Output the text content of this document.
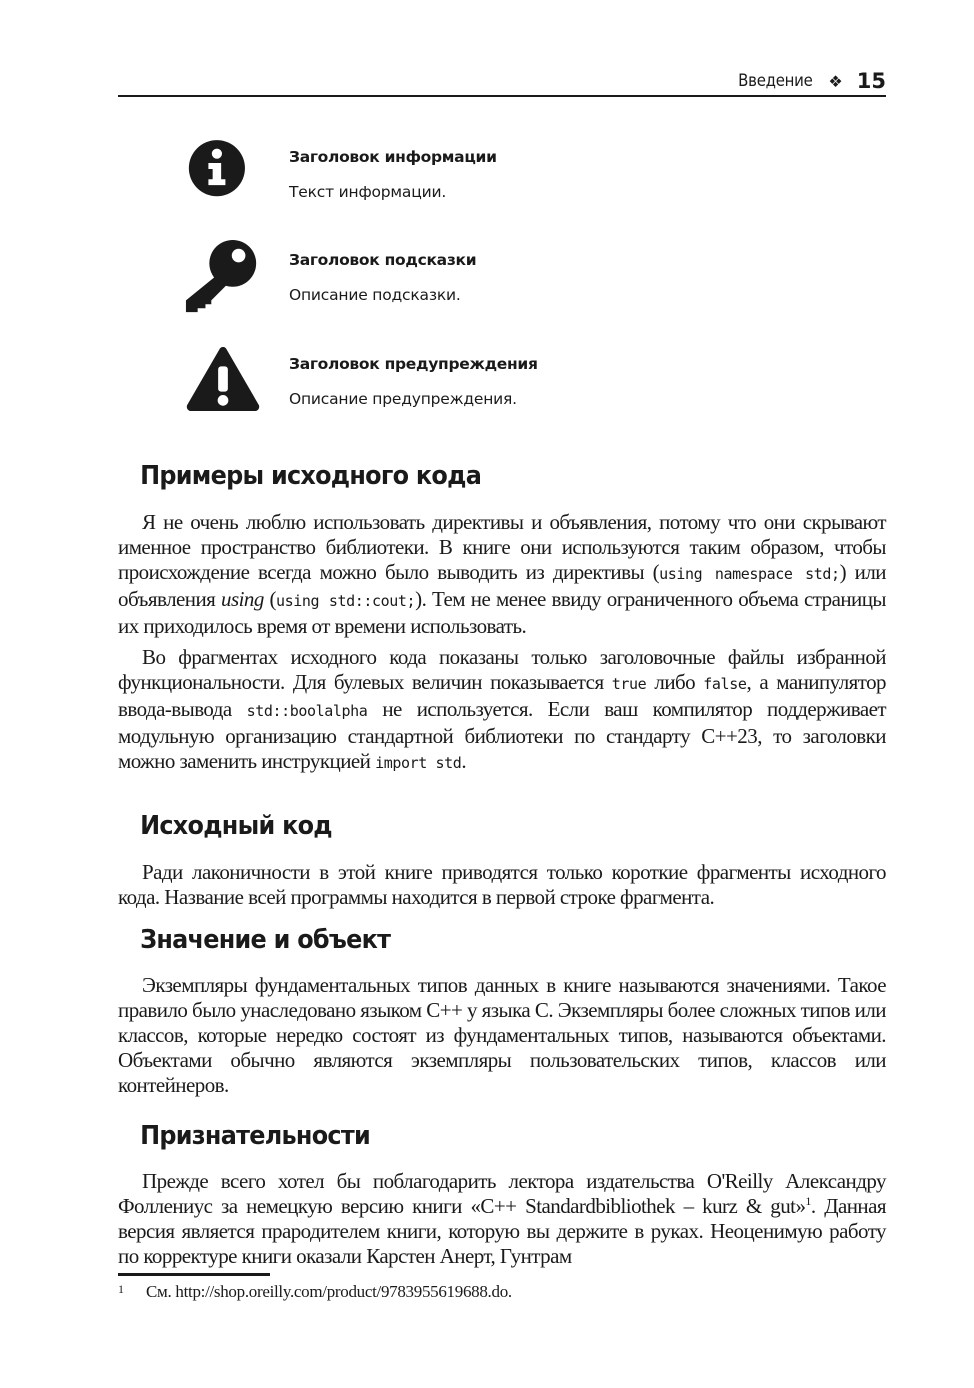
Введение ❖ 15
Заголовок информации
Текст информации.
Заголовок подсказки
Описание подсказки.
Заголовок предупреждения
Описание предупреждения.
Примеры исходного кода

Я не очень люблю использовать директивы и объявления, потому что они скрывают именное пространство библиотеки. В книге они используются таким образом, чтобы происхождение всегда можно было выводить из директивы (using namespace std;) или объявления using (using std::cout;). Тем не менее ввиду ограниченного объема страницы их приходилось время от времени использовать.

Во фрагментах исходного кода показаны только заголовочные файлы избранной функциональности. Для булевых величин показывается true либо false, а манипулятор ввода-вывода std::boolalpha не используется. Если ваш компилятор поддерживает модульную организацию стандартной библиотеки по стандарту C++23, то заголовки можно заменить инструкцией import std.

Исходный код

Ради лаконичности в этой книге приводятся только короткие фрагменты исходного кода. Название всей программы находится в первой строке фрагмента.

Значение и объект

Экземпляры фундаментальных типов данных в книге называются значениями. Такое правило было унаследовано языком C++ у языка C. Экземпляры более сложных типов или классов, которые нередко состоят из фундаментальных типов, называются объектами. Объектами обычно являются экземпляры пользовательских типов, классов или контейнеров.

Признательности

Прежде всего хотел бы поблагодарить лектора издательства O'Reilly Александру Фоллениус за немецкую версию книги «C++ Standardbibliothek – kurz & gut»$^1$. Данная версия является прародителем книги, которую вы держите в руках. Неоценимую работу по корректуре книги оказали Карстен Анерт, Гунтрам

1 См. http://shop.oreilly.com/product/9783955619688.do.
